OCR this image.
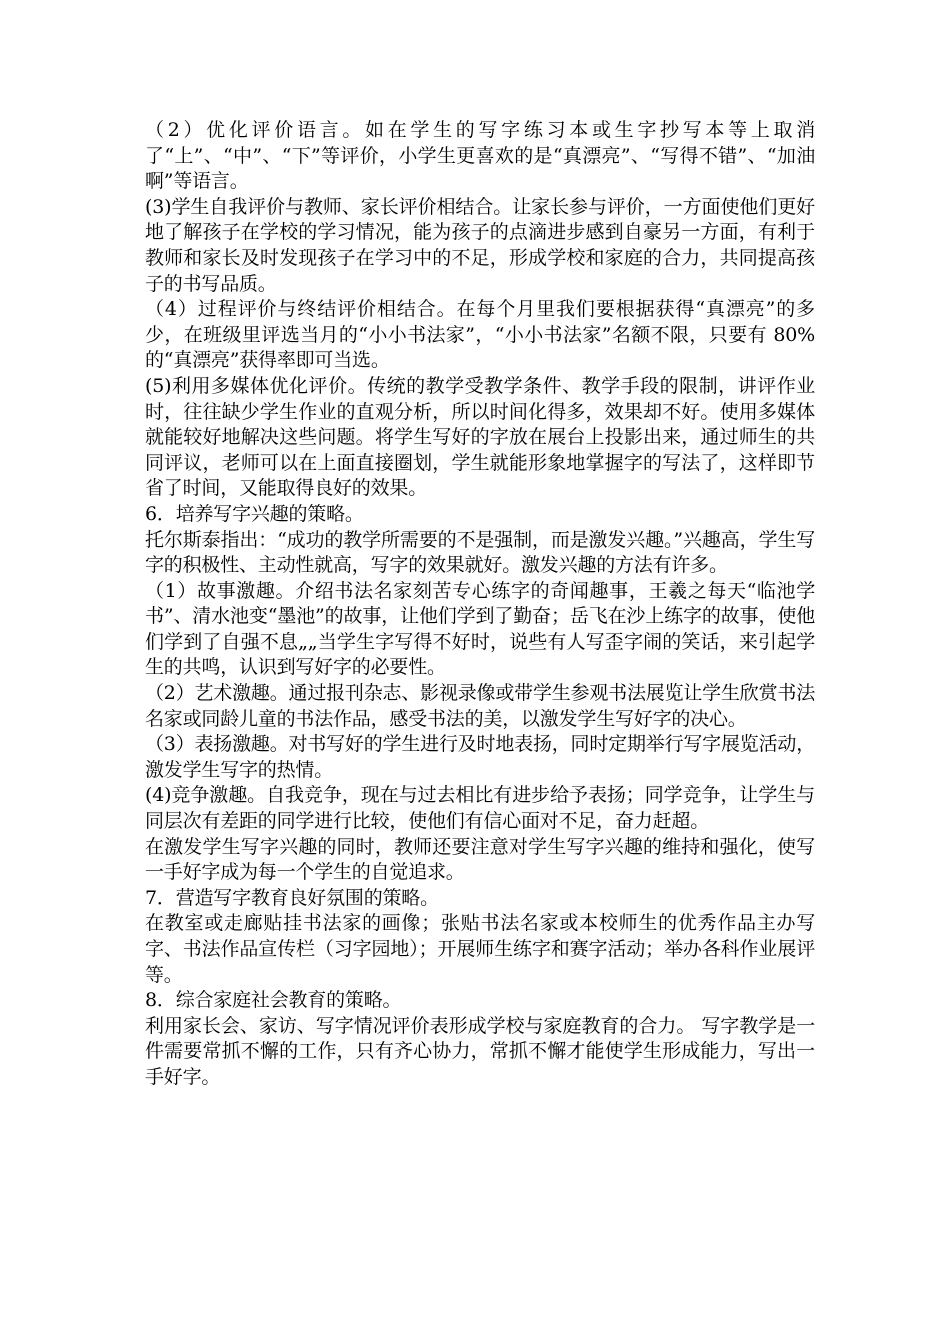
（2）优化评价语言。如在学生的写字练习本或生字抄写本等上取消了“上”、“中”、“下”等评价，小学生更喜欢的是“真漂亮”、“写得不错”、“加油啊”等语言。

(3)学生自我评价与教师、家长评价相结合。让家长参与评价，一方面使他们更好地了解孩子在学校的学习情况，能为孩子的点滴进步感到自豪另一方面，有利于教师和家长及时发现孩子在学习中的不足，形成学校和家庭的合力，共同提高孩子的书写品质。

（4）过程评价与终结评价相结合。在每个月里我们要根据获得“真漂亮”的多少，在班级里评选当月的“小小书法家”，“小小书法家”名额不限，只要有 80%的“真漂亮”获得率即可当选。

(5)利用多媒体优化评价。传统的教学受教学条件、教学手段的限制，讲评作业时，往往缺少学生作业的直观分析，所以时间化得多，效果却不好。使用多媒体就能较好地解决这些问题。将学生写好的字放在展台上投影出来，通过师生的共同评议，老师可以在上面直接圈划，学生就能形象地掌握字的写法了，这样即节省了时间，又能取得良好的效果。

6．培养写字兴趣的策略。

托尔斯泰指出：“成功的教学所需要的不是强制，而是激发兴趣。”兴趣高，学生写字的积极性、主动性就高，写字的效果就好。激发兴趣的方法有许多。

（1）故事激趣。介绍书法名家刻苦专心练字的奇闻趣事，王羲之每天“临池学书”、清水池变“墨池”的故事，让他们学到了勤奋；岳飞在沙上练字的故事，使他们学到了自强不息„„当学生字写得不好时，说些有人写歪字闹的笑话，来引起学生的共鸣，认识到写好字的必要性。

（2）艺术激趣。通过报刊杂志、影视录像或带学生参观书法展览让学生欣赏书法名家或同龄儿童的书法作品，感受书法的美，以激发学生写好字的决心。

（3）表扬激趣。对书写好的学生进行及时地表扬，同时定期举行写字展览活动，激发学生写字的热情。

(4)竞争激趣。自我竞争，现在与过去相比有进步给予表扬；同学竞争，让学生与同层次有差距的同学进行比较，使他们有信心面对不足，奋力赶超。

在激发学生写字兴趣的同时，教师还要注意对学生写字兴趣的维持和强化，使写一手好字成为每一个学生的自觉追求。

7．营造写字教育良好氛围的策略。

在教室或走廊贴挂书法家的画像；张贴书法名家或本校师生的优秀作品主办写字、书法作品宣传栏（习字园地）；开展师生练字和赛字活动；举办各科作业展评等。

8．综合家庭社会教育的策略。

利用家长会、家访、写字情况评价表形成学校与家庭教育的合力。 写字教学是一件需要常抓不懈的工作，只有齐心协力，常抓不懈才能使学生形成能力，写出一手好字。
